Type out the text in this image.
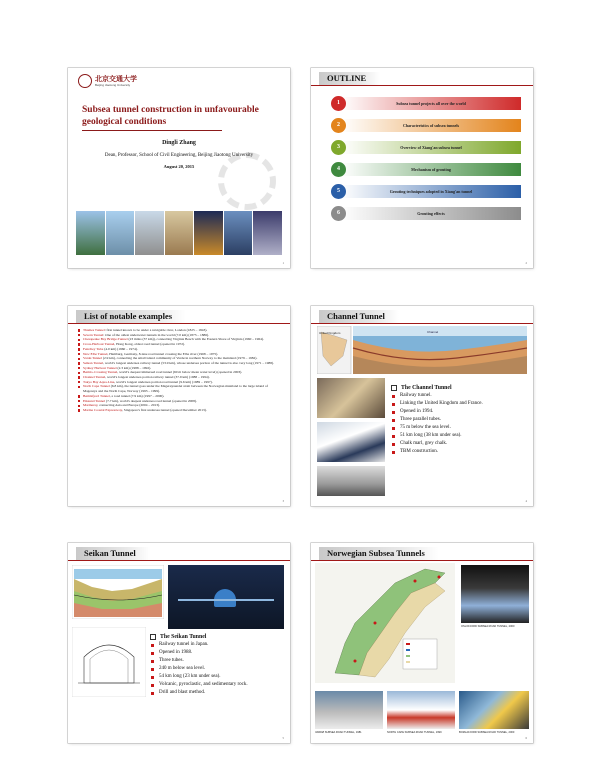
北京交通大学
Beijing Jiaotong University
Subsea tunnel construction in unfavourable geological conditions
Dingli Zhang
Dean, Professor, School of Civil Engineering, Beijing Jiaotong University
August 20, 2015
1
OUTLINE
1	Subsea tunnel projects all over the world
2	Characteristics of subsea tunnels
3	Overview of Xiang'an subsea tunnel
4	Mechanism of grouting
5	Grouting techniques adopted in Xiang'an tunnel
6	Grouting effects
2
List of notable examples
Thames Tunnel: first tunnel known to be under a navigable river, London (1825 – 1843).
Severn Tunnel: One of the oldest underwater tunnels in the world (7.0 km) (1873 – 1886).
Chesapeake Bay Bridge-Tunnel (23 miles (37 km)), connecting Virginia Beach with the Eastern Shore of Virginia (1960 – 1964).
Cross-Harbour Tunnel, Hong Kong, oldest road tunnel (opened in 1972).
Fenrdtey Tube (4.0 km) (1960 – 1974).
New Elbe Tunnel, Hamburg, Germany, 8-lane road tunnel crossing the Elbe river (1968 – 1975).
Vardø Tunnel (2.9 km), connecting the small island community of Vardø in northern Norway to the mainland (1979 – 1982).
Seikan Tunnel, world's longest undersea railway tunnel (53.9 km), whose undersea portion of the tunnel is also very long (1971 – 1988).
Sydney Harbour Tunnel (2.3 km) (1988 – 1992).
Bømlo–Crossing Tunnel, world's deepest immersed road tunnel (60 m below mean water level) (opened in 2003).
Channel Tunnel, world's longest undersea portion railway tunnel (37.9 km) (1988 – 1994).
Tokyo Bay Aqua-Line, world's longest undersea portion road tunnel (9.6 km) (1989 – 1997).
North Cape Tunnel (6.8 km), the tunnel goes under the Magerøysundet strait between the Norwegian mainland to the large island of Magerøya and the North Cape, Norway (1993 – 1999).
Bømlafjord Tunnel, a road tunnel (7.9 km) (1997 – 2000).
Eiksund Tunnel (7.7 km), world's deepest undersea road tunnel (opened in 2008).
Marmaray, connecting Asia and Europe (2004 – 2013).
Marina Coastal Expressway, Singapore's first undersea tunnel (opened December 2013).
3
Channel Tunnel
United Kingdom	Channel
The Channel Tunnel
Railway tunnel.
Linking the United Kingdom and France.
Opened in 1994.
Three parallel tubes.
75 m below the sea level.
51 km long (38 km under sea).
Chalk marl, grey chalk.
TBM construction.
4
Seikan Tunnel
The Seikan Tunnel
Railway tunnel in Japan.
Opened in 1988.
Three tubes.
240 m below sea level.
54 km long (23 km under sea).
Volcanic, pyroclastic, and sedimentary rock.
Drill and blast method.
5
Norwegian Subsea Tunnels
OSLOFJORD SUBSEA ROAD TUNNEL, 2000
VARDØ SUBSEA ROAD TUNNEL, 1981	NORTH CAPE SUBSEA ROAD TUNNEL, 1999	BOMLAFJORD SUBSEA ROAD TUNNEL, 2000
6
